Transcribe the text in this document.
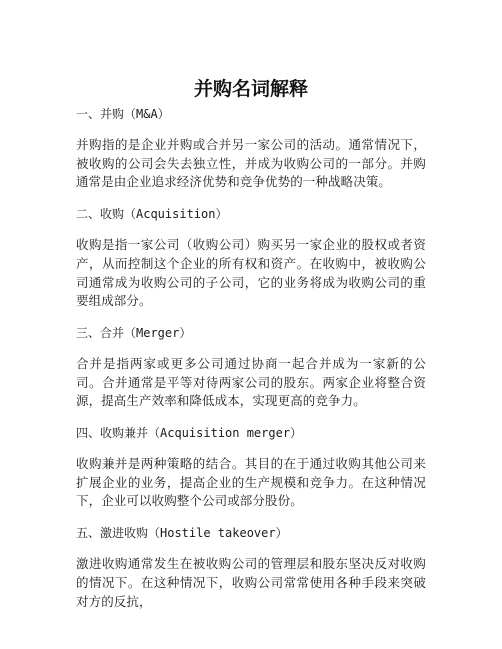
并购名词解释
一、并购（M&A）
并购指的是企业并购或合并另一家公司的活动。通常情况下，被收购的公司会失去独立性，并成为收购公司的一部分。并购通常是由企业追求经济优势和竞争优势的一种战略决策。
二、收购（Acquisition）
收购是指一家公司（收购公司）购买另一家企业的股权或者资产，从而控制这个企业的所有权和资产。在收购中，被收购公司通常成为收购公司的子公司，它的业务将成为收购公司的重要组成部分。
三、合并（Merger）
合并是指两家或更多公司通过协商一起合并成为一家新的公司。合并通常是平等对待两家公司的股东。两家企业将整合资源，提高生产效率和降低成本，实现更高的竞争力。
四、收购兼并（Acquisition merger）
收购兼并是两种策略的结合。其目的在于通过收购其他公司来扩展企业的业务，提高企业的生产规模和竞争力。在这种情况下，企业可以收购整个公司或部分股份。
五、激进收购（Hostile takeover）
激进收购通常发生在被收购公司的管理层和股东坚决反对收购的情况下。在这种情况下，收购公司常常使用各种手段来突破对方的反抗，
